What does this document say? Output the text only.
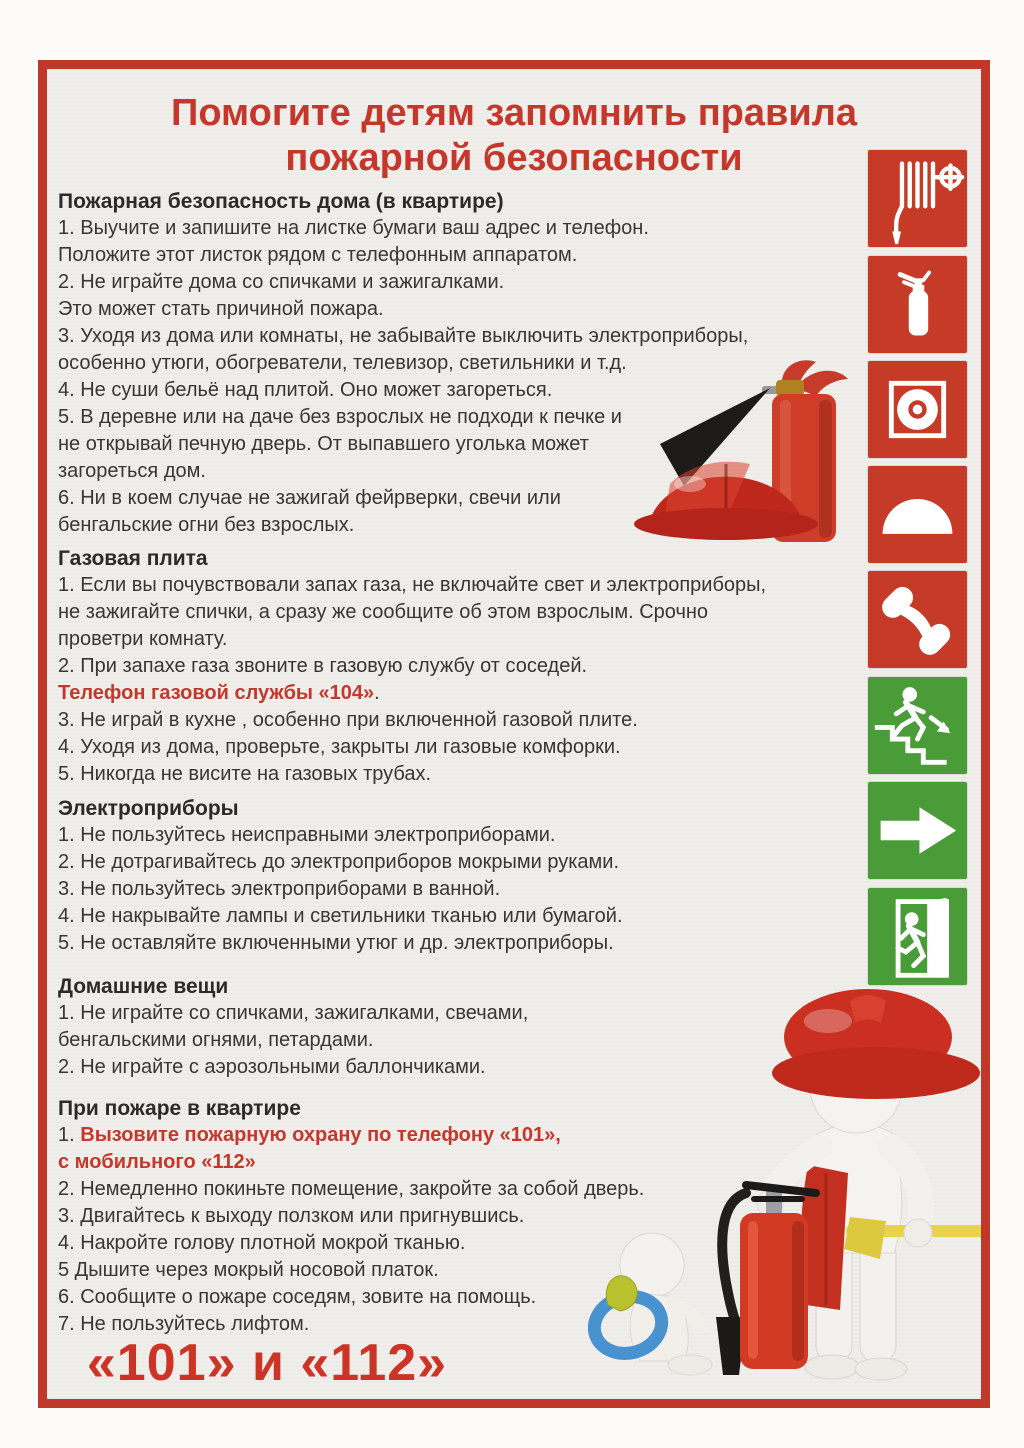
Помогите детям запомнить правила
пожарной безопасности
Пожарная безопасность дома (в квартире)
1. Выучите и запишите на листке бумаги ваш адрес и телефон.
Положите этот листок рядом с телефонным аппаратом.
2. Не играйте дома со спичками и зажигалками.
Это может стать причиной пожара.
3. Уходя из дома или комнаты, не забывайте выключить электроприборы,
особенно утюги, обогреватели, телевизор, светильники и т.д.
4. Не суши бельё над плитой. Оно может загореться.
5. В деревне или на даче без взрослых не подходи к печке и
не открывай печную дверь. От выпавшего уголька может
загореться дом.
6. Ни в коем случае не зажигай фейрверки, свечи или
бенгальские огни без взрослых.
Газовая плита
1. Если вы почувствовали запах газа, не включайте свет и электроприборы,
не зажигайте спички, а сразу же сообщите об этом взрослым. Срочно
проветри комнату.
2. При запахе газа звоните в газовую службу от соседей.
Телефон газовой службы «104».
3. Не играй в кухне , особенно при включенной газовой плите.
4. Уходя из дома, проверьте, закрыты ли газовые комфорки.
5. Никогда не висите на газовых трубах.
Электроприборы
1. Не пользуйтесь неисправными электроприборами.
2. Не дотрагивайтесь до электроприборов мокрыми руками.
3. Не пользуйтесь электроприборами в ванной.
4. Не накрывайте лампы и светильники тканью или бумагой.
5. Не оставляйте включенными утюг и др. электроприборы.
Домашние вещи
1. Не играйте со спичками, зажигалками, свечами,
бенгальскими огнями, петардами.
2. Не играйте с аэрозольными баллончиками.
При пожаре в квартире
1. Вызовите пожарную охрану по телефону «101»,
с мобильного «112»
2. Немедленно покиньте помещение, закройте за собой дверь.
3. Двигайтесь к выходу ползком или пригнувшись.
4. Накройте голову плотной мокрой тканью.
5 Дышите через мокрый носовой платок.
6. Сообщите о пожаре соседям, зовите на помощь.
7. Не пользуйтесь лифтом.
«101» и «112»
